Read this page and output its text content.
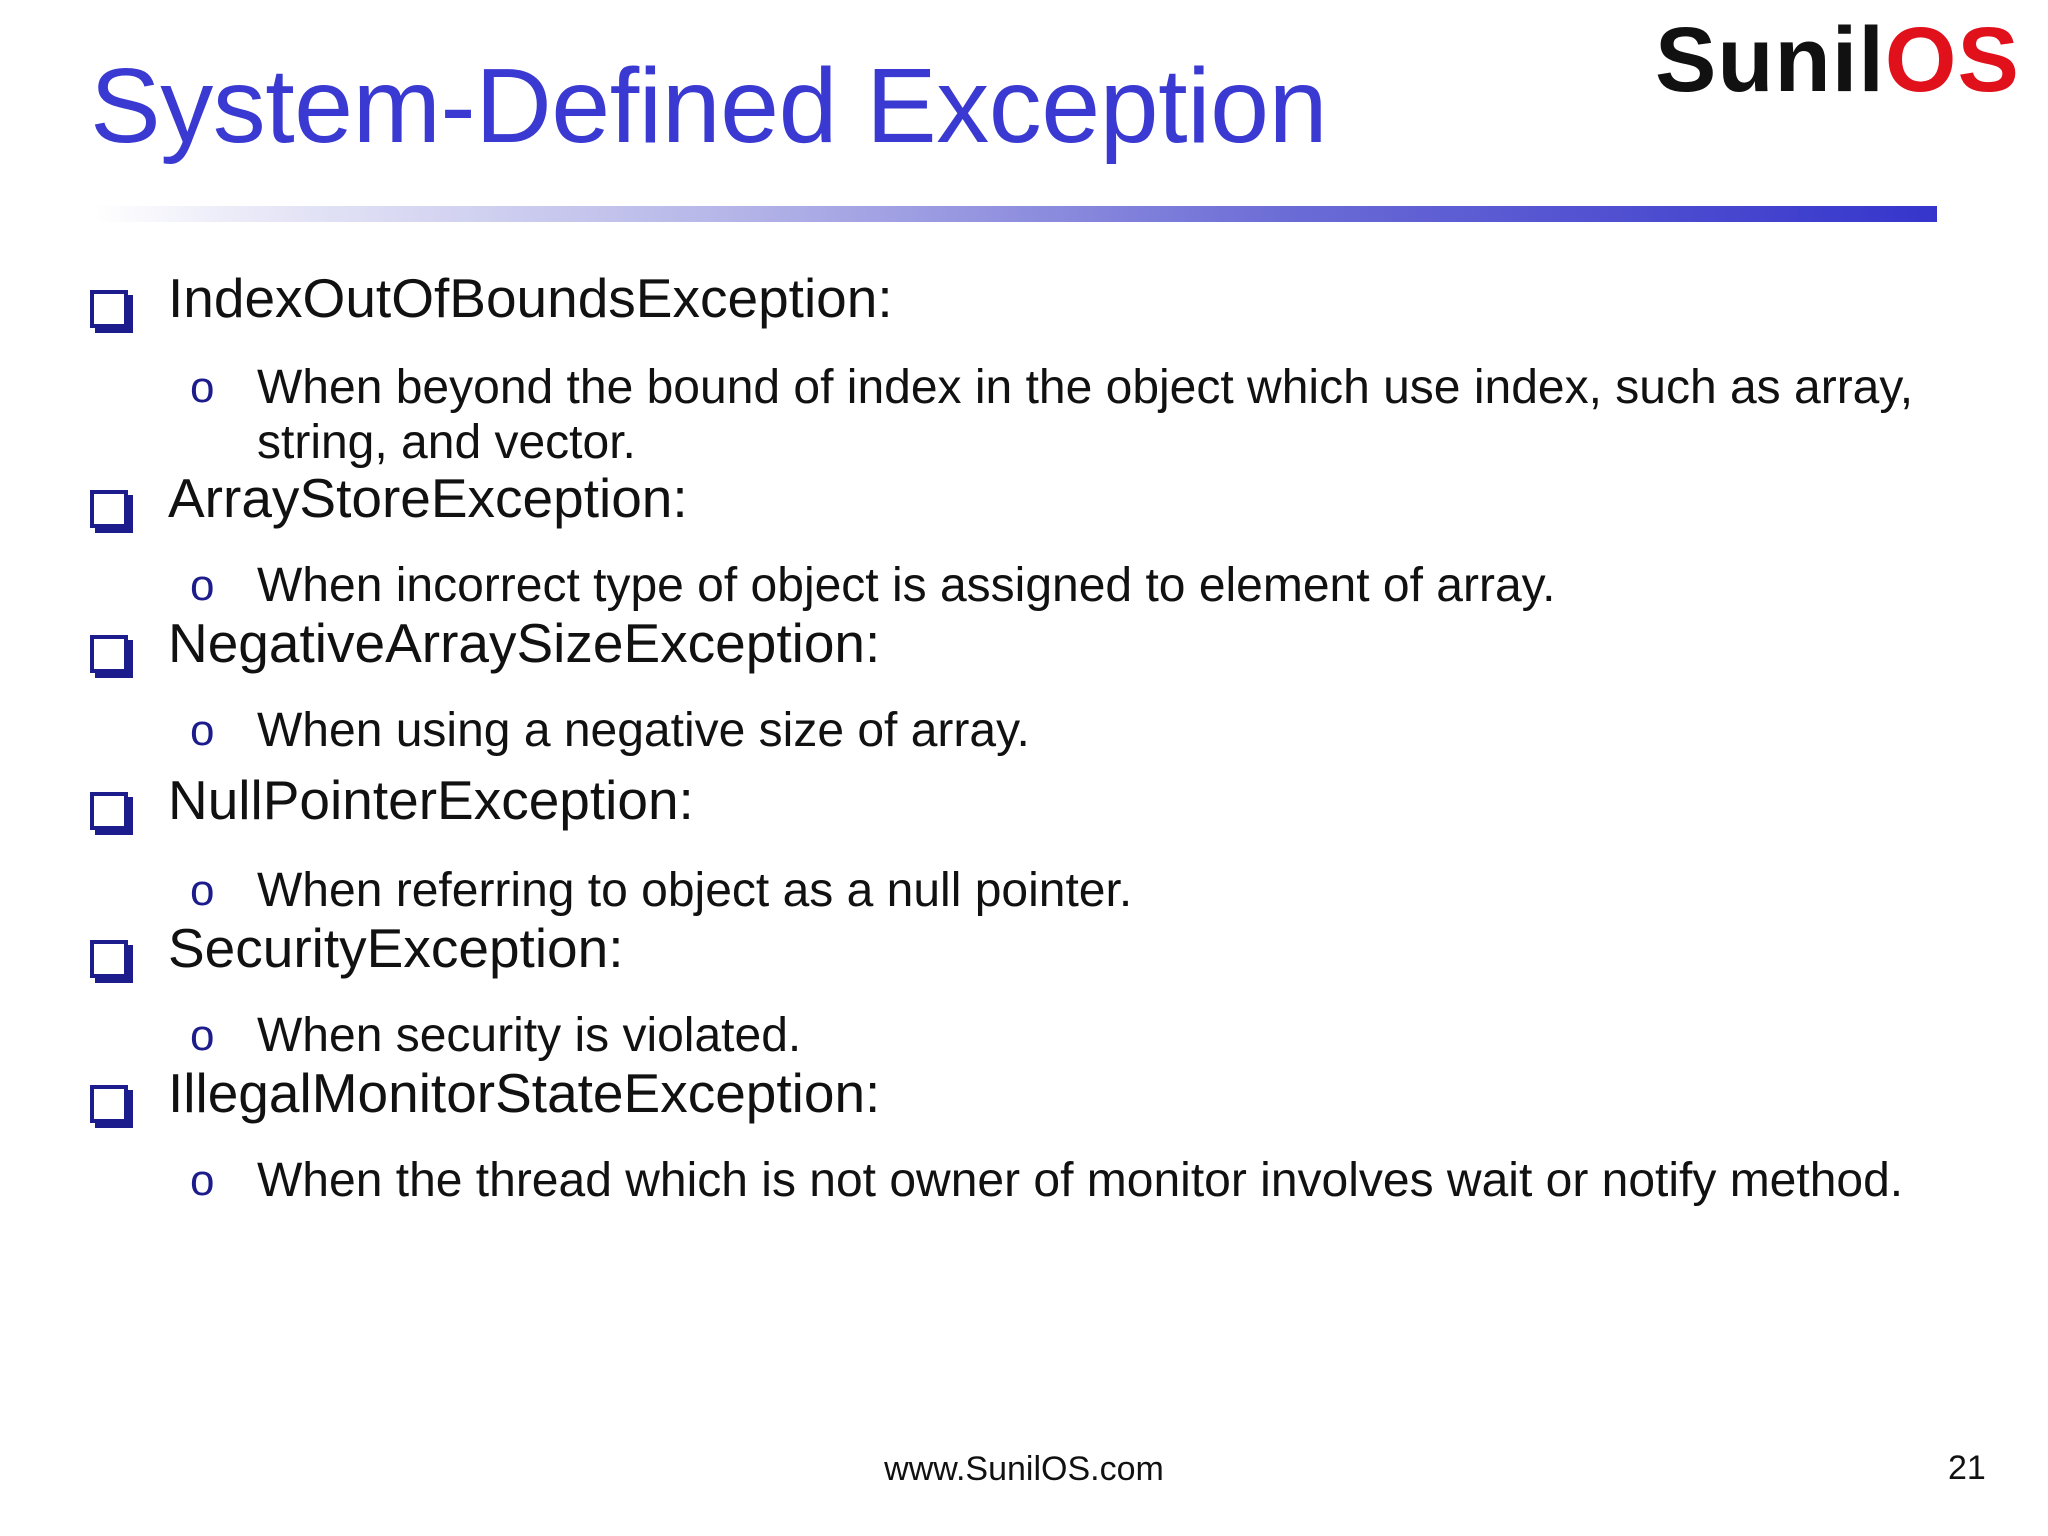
System-Defined Exception	SunilOS
IndexOutOfBoundsException:
o When beyond the bound of index in the object which use index, such as array, string, and vector.
ArrayStoreException:
o When incorrect type of object is assigned to element of array.
NegativeArraySizeException:
o When using a negative size of array.
NullPointerException:
o When referring to object as a null pointer.
SecurityException:
o When security is violated.
IllegalMonitorStateException:
o When the thread which is not owner of monitor involves wait or notify method.
www.SunilOS.com	21
